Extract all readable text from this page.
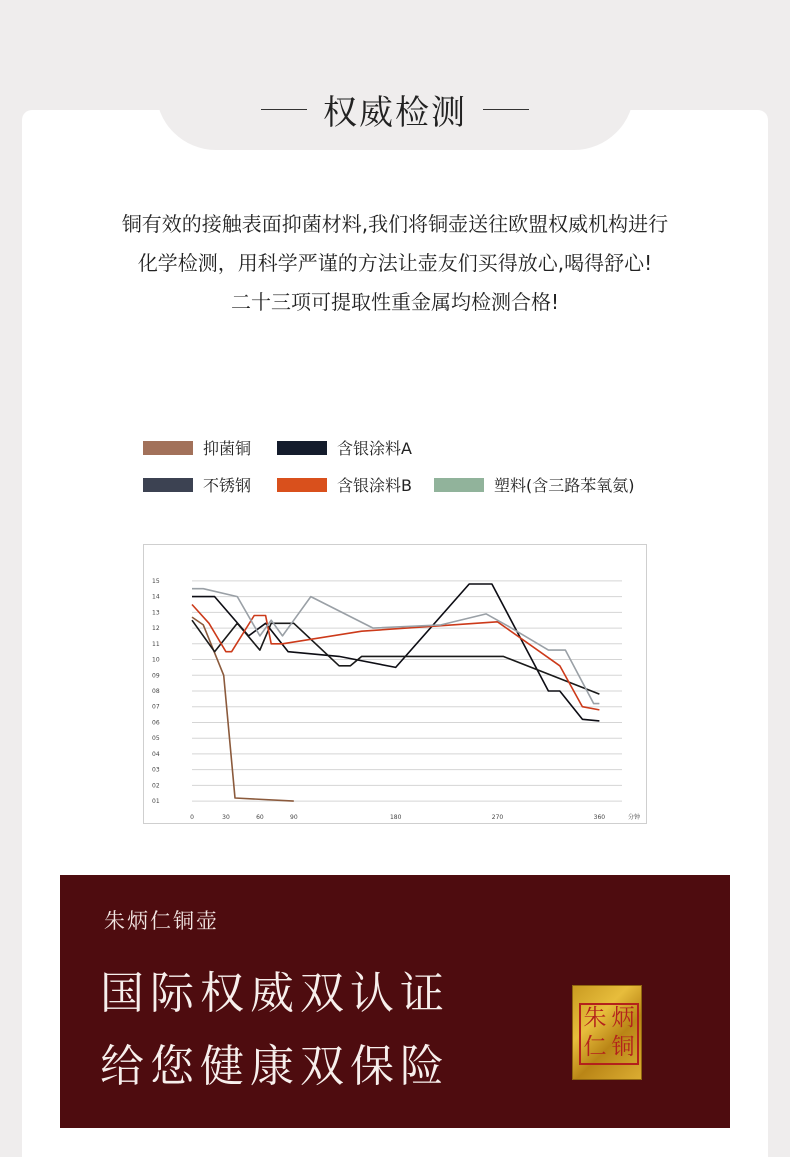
权威检测
铜有效的接触表面抑菌材料,我们将铜壶送往欧盟权威机构进行
化学检测，用科学严谨的方法让壶友们买得放心,喝得舒心!
二十三项可提取性重金属均检测合格!
抑菌铜	含银涂料A
不锈钢	含银涂料B	塑料(含三路苯氧氨)
01
02
03
04
05
06
07
08
09
10
11
12
13
14
15
0	30	60	90	180	270	360	分钟
朱炳仁铜壶
国际权威双认证
给您健康双保险
朱 炳
仁 铜
